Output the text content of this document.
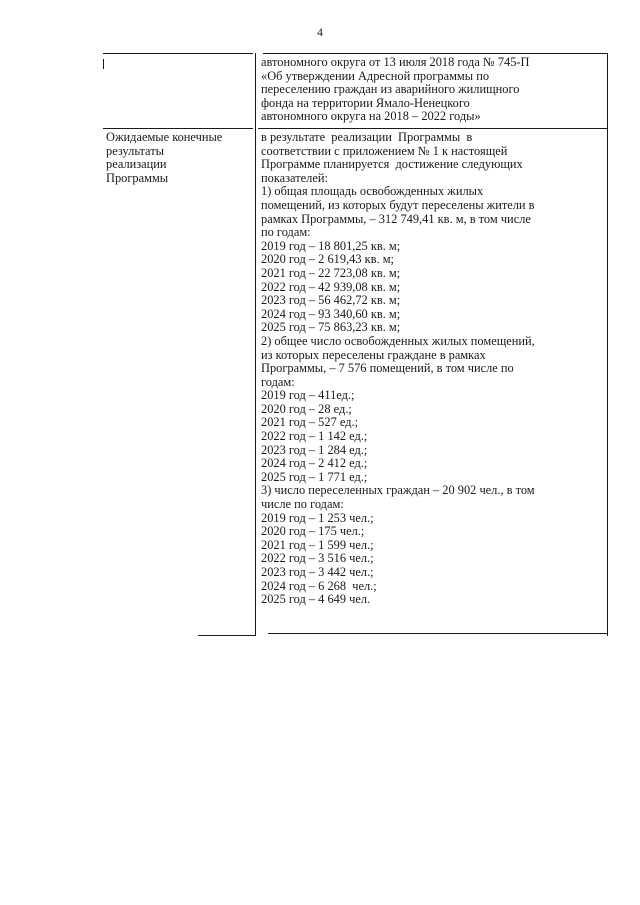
4
автономного округа от 13 июля 2018 года № 745-П
«Об утверждении Адресной программы по
переселению граждан из аварийного жилищного
фонда на территории Ямало-Ненецкого
автономного округа на 2018 – 2022 годы»
Ожидаемые конечные
результаты
реализации
Программы
в результате  реализации  Программы  в
соответствии с приложением № 1 к настоящей
Программе планируется  достижение следующих
показателей:
1) общая площадь освобожденных жилых
помещений, из которых будут переселены жители в
рамках Программы, – 312 749,41 кв. м, в том числе
по годам:
2019 год – 18 801,25 кв. м;
2020 год – 2 619,43 кв. м;
2021 год – 22 723,08 кв. м;
2022 год – 42 939,08 кв. м;
2023 год – 56 462,72 кв. м;
2024 год – 93 340,60 кв. м;
2025 год – 75 863,23 кв. м;
2) общее число освобожденных жилых помещений,
из которых переселены граждане в рамках
Программы, – 7 576 помещений, в том числе по
годам:
2019 год – 411ед.;
2020 год – 28 ед.;
2021 год – 527 ед.;
2022 год – 1 142 ед.;
2023 год – 1 284 ед.;
2024 год – 2 412 ед.;
2025 год – 1 771 ед.;
3) число переселенных граждан – 20 902 чел., в том
числе по годам:
2019 год – 1 253 чел.;
2020 год – 175 чел.;
2021 год – 1 599 чел.;
2022 год – 3 516 чел.;
2023 год – 3 442 чел.;
2024 год – 6 268  чел.;
2025 год – 4 649 чел.
